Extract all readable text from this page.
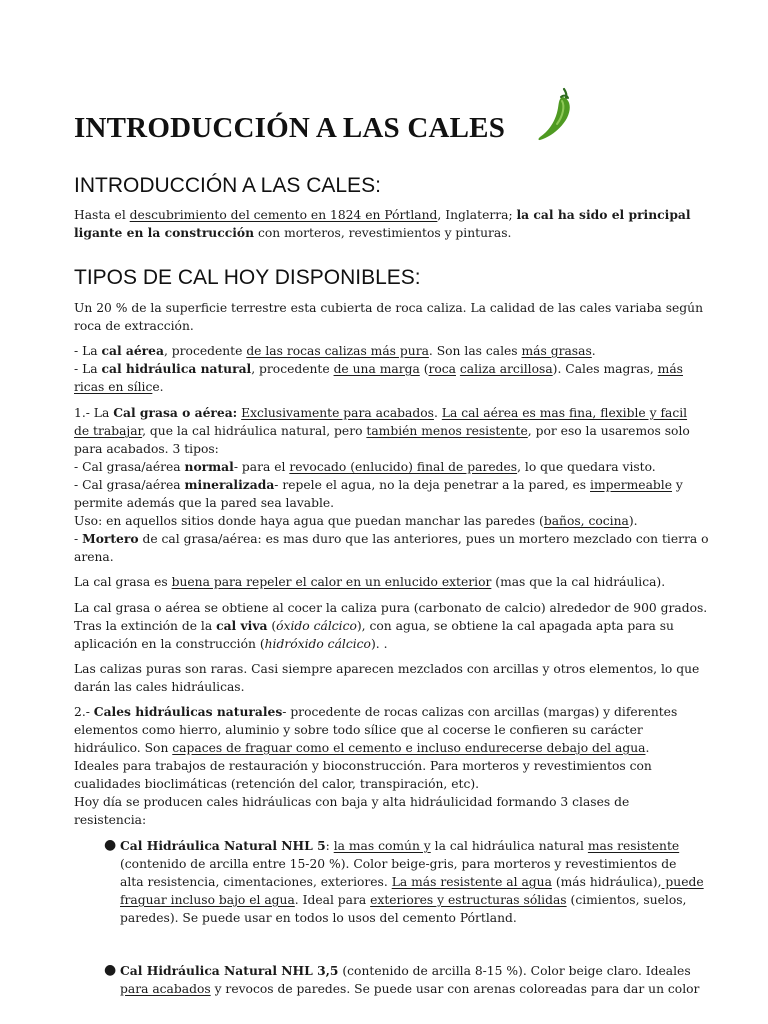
INTRODUCCIÓN A LAS CALES
INTRODUCCIÓN A LAS CALES:
Hasta el descubrimiento del cemento en 1824 en Pórtland, Inglaterra; la cal ha sido el principal
ligante en la construcción con morteros, revestimientos y pinturas.
TIPOS DE CAL HOY DISPONIBLES:
Un 20 % de la superficie terrestre esta cubierta de roca caliza. La calidad de las cales variaba según
roca de extracción.
- La cal aérea, procedente de las rocas calizas más pura. Son las cales más grasas.
- La cal hidráulica natural, procedente de una marga (roca caliza arcillosa). Cales magras, más
ricas en sílice.
1.- La Cal grasa o aérea: Exclusivamente para acabados. La cal aérea es mas fina, flexible y facil
de trabajar, que la cal hidráulica natural, pero también menos resistente, por eso la usaremos solo
para acabados. 3 tipos:
- Cal grasa/aérea normal- para el revocado (enlucido) final de paredes, lo que quedara visto.
- Cal grasa/aérea mineralizada- repele el agua, no la deja penetrar a la pared, es impermeable y
permite además que la pared sea lavable.
Uso: en aquellos sitios donde haya agua que puedan manchar las paredes (baños, cocina).
- Mortero de cal grasa/aérea: es mas duro que las anteriores, pues un mortero mezclado con tierra o
arena.
La cal grasa es buena para repeler el calor en un enlucido exterior (mas que la cal hidráulica).
La cal grasa o aérea se obtiene al cocer la caliza pura (carbonato de calcio) alrededor de 900 grados.
Tras la extinción de la cal viva (óxido cálcico), con agua, se obtiene la cal apagada apta para su
aplicación en la construcción (hidróxido cálcico). .
Las calizas puras son raras. Casi siempre aparecen mezclados con arcillas y otros elementos, lo que
darán las cales hidráulicas.
2.- Cales hidráulicas naturales- procedente de rocas calizas con arcillas (margas) y diferentes
elementos como hierro, aluminio y sobre todo sílice que al cocerse le confieren su carácter
hidráulico. Son capaces de fraguar como el cemento e incluso endurecerse debajo del agua.
Ideales para trabajos de restauración y bioconstrucción. Para morteros y revestimientos con
cualidades bioclimáticas (retención del calor, transpiración, etc).
Hoy día se producen cales hidráulicas con baja y alta hidráulicidad formando 3 clases de
resistencia:
● Cal Hidráulica Natural NHL 5: la mas común y la cal hidráulica natural mas resistente
(contenido de arcilla entre 15-20 %). Color beige-gris, para morteros y revestimientos de
alta resistencia, cimentaciones, exteriores. La más resistente al agua (más hidráulica), puede
fraguar incluso bajo el agua. Ideal para exteriores y estructuras sólidas (cimientos, suelos,
paredes). Se puede usar en todos lo usos del cemento Pórtland.
● Cal Hidráulica Natural NHL 3,5 (contenido de arcilla 8-15 %). Color beige claro. Ideales
para acabados y revocos de paredes. Se puede usar con arenas coloreadas para dar un color
